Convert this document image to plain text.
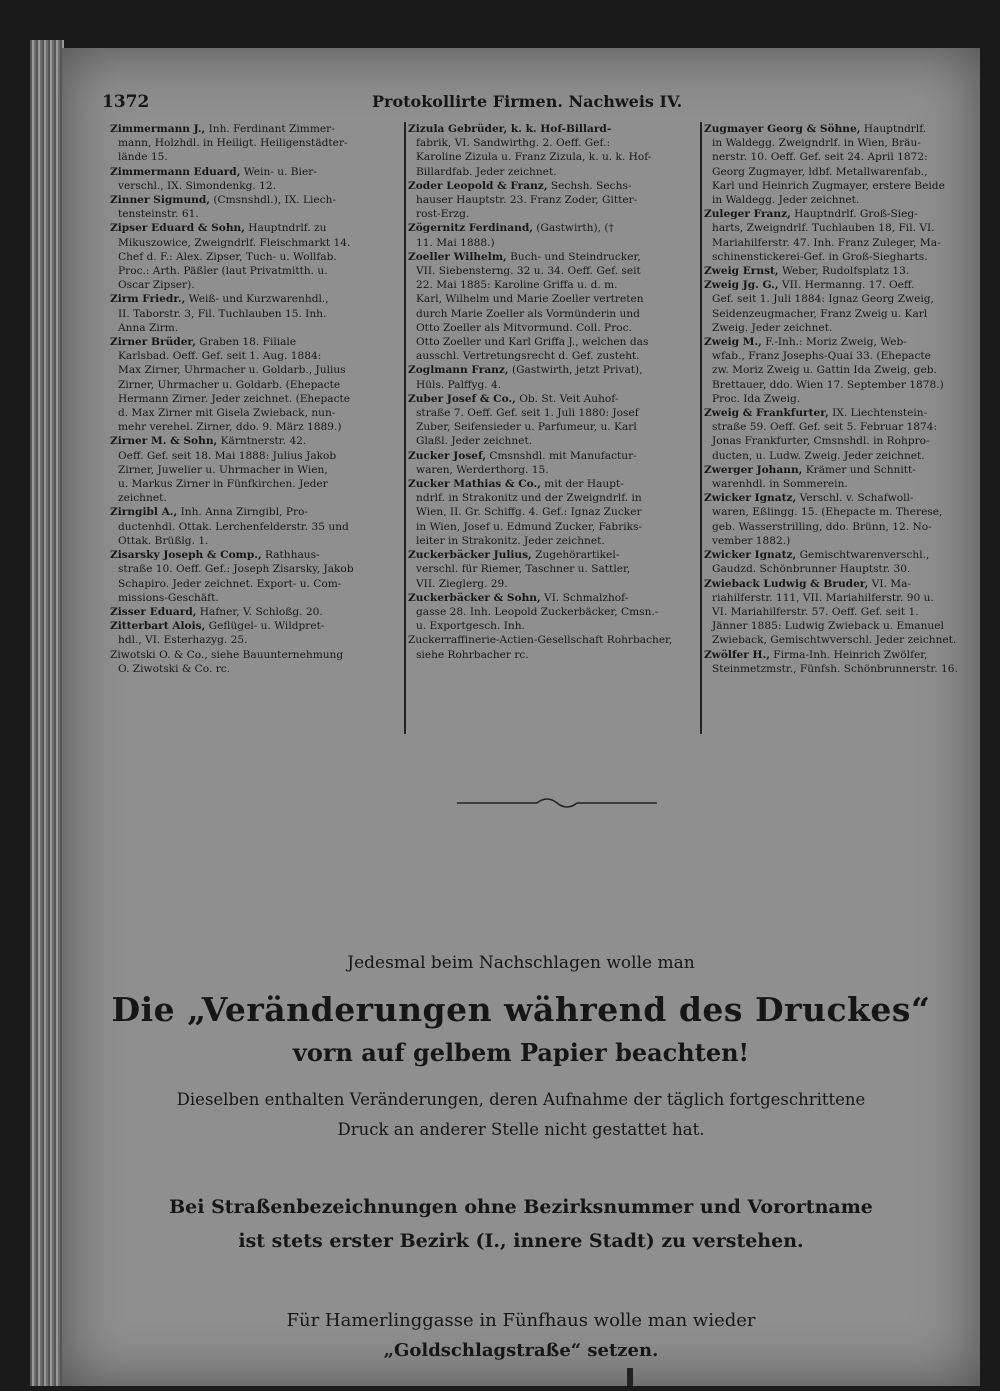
1372	Protokollirte Firmen. Nachweis IV.
Zimmermann J., Inh. Ferdinant Zimmer-
mann, Holzhdl. in Heiligt. Heiligenstädter-
lände 15.
Zimmermann Eduard, Wein- u. Bier-
verschl., IX. Simondenkg. 12.
Zinner Sigmund, (Cmsnshdl.), IX. Liech-
tensteinstr. 61.
Zipser Eduard & Sohn, Hauptndrlf. zu
Mikuszowice, Zweigndrlf. Fleischmarkt 14.
Chef d. F.: Alex. Zipser, Tuch- u. Wollfab.
Proc.: Arth. Päßler (laut Privatmitth. u.
Oscar Zipser).
Zirm Friedr., Weiß- und Kurzwarenhdl.,
II. Taborstr. 3, Fil. Tuchlauben 15. Inh.
Anna Zirm.
Zirner Brüder, Graben 18. Filiale
Karlsbad. Oeff. Gef. seit 1. Aug. 1884:
Max Zirner, Uhrmacher u. Goldarb., Julius
Zirner, Uhrmacher u. Goldarb. (Ehepacte
Hermann Zirner. Jeder zeichnet. (Ehepacte
d. Max Zirner mit Gisela Zwieback, nun-
mehr verehel. Zirner, ddo. 9. März 1889.)
Zirner M. & Sohn, Kärntnerstr. 42.
Oeff. Gef. seit 18. Mai 1888: Julius Jakob
Zirner, Juwelier u. Uhrmacher in Wien,
u. Markus Zirner in Fünfkirchen. Jeder
zeichnet.
Zirngibl A., Inh. Anna Zirngibl, Pro-
ductenhdl. Ottak. Lerchenfelderstr. 35 und
Ottak. Brüßlg. 1.
Zisarsky Joseph & Comp., Rathhaus-
straße 10. Oeff. Gef.: Joseph Zisarsky, Jakob
Schapiro. Jeder zeichnet. Export- u. Com-
missions-Geschäft.
Zisser Eduard, Hafner, V. Schloßg. 20.
Zitterbart Alois, Geflügel- u. Wildpret-
hdl., VI. Esterhazyg. 25.
Ziwotski O. & Co., siehe Bauunternehmung
O. Ziwotski & Co. rc.
Zizula Gebrüder, k. k. Hof-Billard-
fabrik, VI. Sandwirthg. 2. Oeff. Gef.:
Karoline Zizula u. Franz Zizula, k. u. k. Hof-
Billardfab. Jeder zeichnet.
Zoder Leopold & Franz, Sechsh. Sechs-
hauser Hauptstr. 23. Franz Zoder, Gitter-
rost-Erzg.
Zögernitz Ferdinand, (Gastwirth), (†
11. Mai 1888.)
Zoeller Wilhelm, Buch- und Steindrucker,
VII. Siebensterng. 32 u. 34. Oeff. Gef. seit
22. Mai 1885: Karoline Griffa u. d. m.
Karl, Wilhelm und Marie Zoeller vertreten
durch Marie Zoeller als Vormünderin und
Otto Zoeller als Mitvormund. Coll. Proc.
Otto Zoeller und Karl Griffa J., welchen das
ausschl. Vertretungsrecht d. Gef. zusteht.
Zoglmann Franz, (Gastwirth, jetzt Privat),
Hüls. Palffyg. 4.
Zuber Josef & Co., Ob. St. Veit Auhof-
straße 7. Oeff. Gef. seit 1. Juli 1880: Josef
Zuber, Seifensieder u. Parfumeur, u. Karl
Glaßl. Jeder zeichnet.
Zucker Josef, Cmsnshdl. mit Manufactur-
waren, Werderthorg. 15.
Zucker Mathias & Co., mit der Haupt-
ndrlf. in Strakonitz und der Zweigndrlf. in
Wien, II. Gr. Schiffg. 4. Gef.: Ignaz Zucker
in Wien, Josef u. Edmund Zucker, Fabriks-
leiter in Strakonitz. Jeder zeichnet.
Zuckerbäcker Julius, Zugehörartikel-
verschl. für Riemer, Taschner u. Sattler,
VII. Zieglerg. 29.
Zuckerbäcker & Sohn, VI. Schmalzhof-
gasse 28. Inh. Leopold Zuckerbäcker, Cmsn.-
u. Exportgesch. Inh.
Zuckerraffinerie-Actien-Gesellschaft Rohrbacher,
siehe Rohrbacher rc.
Zugmayer Georg & Söhne, Hauptndrlf.
in Waldegg. Zweigndrlf. in Wien, Bräu-
nerstr. 10. Oeff. Gef. seit 24. April 1872:
Georg Zugmayer, ldbf. Metallwarenfab.,
Karl und Heinrich Zugmayer, erstere Beide
in Waldegg. Jeder zeichnet.
Zuleger Franz, Hauptndrlf. Groß-Sieg-
harts, Zweigndrlf. Tuchlauben 18, Fil. VI.
Mariahilferstr. 47. Inh. Franz Zuleger, Ma-
schinenstickerei-Gef. in Groß-Siegharts.
Zweig Ernst, Weber, Rudolfsplatz 13.
Zweig Jg. G., VII. Hermanng. 17. Oeff.
Gef. seit 1. Juli 1884: Ignaz Georg Zweig,
Seidenzeugmacher, Franz Zweig u. Karl
Zweig. Jeder zeichnet.
Zweig M., F.-Inh.: Moriz Zweig, Web-
wfab., Franz Josephs-Quai 33. (Ehepacte
zw. Moriz Zweig u. Gattin Ida Zweig, geb.
Brettauer, ddo. Wien 17. September 1878.)
Proc. Ida Zweig.
Zweig & Frankfurter, IX. Liechtenstein-
straße 59. Oeff. Gef. seit 5. Februar 1874:
Jonas Frankfurter, Cmsnshdl. in Rohpro-
ducten, u. Ludw. Zweig. Jeder zeichnet.
Zwerger Johann, Krämer und Schnitt-
warenhdl. in Sommerein.
Zwicker Ignatz, Verschl. v. Schafwoll-
waren, Eßlingg. 15. (Ehepacte m. Therese,
geb. Wasserstrilling, ddo. Brünn, 12. No-
vember 1882.)
Zwicker Ignatz, Gemischtwarenverschl.,
Gaudzd. Schönbrunner Hauptstr. 30.
Zwieback Ludwig & Bruder, VI. Ma-
riahilferstr. 111, VII. Mariahilferstr. 90 u.
VI. Mariahilferstr. 57. Oeff. Gef. seit 1.
Jänner 1885: Ludwig Zwieback u. Emanuel
Zwieback, Gemischtwverschl. Jeder zeichnet.
Zwölfer H., Firma-Inh. Heinrich Zwölfer,
Steinmetzmstr., Fünfsh. Schönbrunnerstr. 16.
Jedesmal beim Nachschlagen wolle man
Die „Veränderungen während des Druckes“
vorn auf gelbem Papier beachten!
Dieselben enthalten Veränderungen, deren Aufnahme der täglich fortgeschrittene
Druck an anderer Stelle nicht gestattet hat.
Bei Straßenbezeichnungen ohne Bezirksnummer und Vorortname
ist stets erster Bezirk (I., innere Stadt) zu verstehen.
Für Hamerlinggasse in Fünfhaus wolle man wieder
„Goldschlagstraße“ setzen.
